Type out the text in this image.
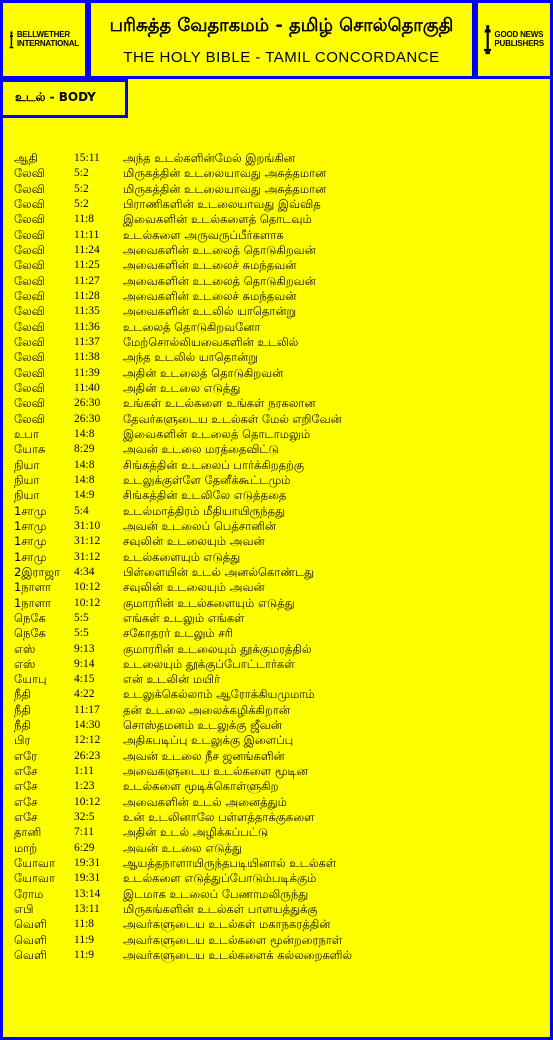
BELLWETHER
INTERNATIONAL
பரிசுத்த வேதாகமம் - தமிழ் சொல்தொகுதி
THE HOLY BIBLE - TAMIL CONCORDANCE
GOOD NEWS
PUBLISHERS
உடல் - BODY
ஆதி	15:11 அந்த உடல்களின்மேல் இறங்கின
லேவி	5:2	மிருகத்தின் உடலையாவது அசுத்தமான
லேவி	5:2	மிருகத்தின் உடலையாவது அசுத்தமான
லேவி	5:2	பிராணிகளின் உடலையாவது இவ்வித
லேவி	11:8	இவைகளின் உடல்களைத் தொடவும்
லேவி	11:11 உடல்களை அருவருப்பீர்களாக
லேவி	11:24 அவைகளின் உடலைத் தொடுகிறவன்
லேவி	11:25 அவைகளின் உடலைச் சுமந்தவன்
லேவி	11:27 அவைகளின் உடலைத் தொடுகிறவன்
லேவி	11:28 அவைகளின் உடலைச் சுமந்தவன்
லேவி	11:35 அவைகளின் உடலில் யாதொன்று
லேவி	11:36 உடலைத் தொடுகிறவனோ
லேவி	11:37 மேற்சொல்லியவைகளின் உடலில்
லேவி	11:38 அந்த உடலில் யாதொன்று
லேவி	11:39 அதின் உடலைத் தொடுகிறவன்
லேவி	11:40 அதின் உடலை எடுத்து
லேவி	26:30 உங்கள் உடல்களை உங்கள் நரகலான
லேவி	26:30 தேவர்களுடைய உடல்கள் மேல் எறிவேன்
உபா	14:8 இவைகளின் உடலைத் தொடாமலும்
யோசு 8:29 அவன் உடலை மரத்தைவிட்டு
நியா	14:8 சிங்கத்தின் உடலைப் பார்க்கிறதற்கு
நியா	14:8 உடலுக்குள்ளே தேனீக்கூட்டமும்
நியா	14:9 சிங்கத்தின் உடலிலே எடுத்ததை
1சாமு 5:4	உடல்மாத்திரம் மீதியாயிருந்தது
1சாமு 31:10 அவன் உடலைப் பெத்சானின்
1சாமு 31:12 சவுலின் உடலையும் அவன்
1சாமு 31:12 உடல்களையும் எடுத்து
2இராஜா 4:34 பிள்ளையின் உடல் அனல்கொண்டது
1நாளா 10:12 சவுலின் உடலையும் அவன்
1நாளா 10:12 குமாரரின் உடல்களையும் எடுத்து
நெகே 5:5	எங்கள் உடலும் எங்கள்
நெகே 5:5	சகோதரர் உடலும் சரி
எஸ்	9:13 குமாரரின் உடலையும் தூக்குமரத்தில்
எஸ்	9:14 உடலையும் தூக்குப்போட்டார்கள்
யோபு 4:15 என் உடலின் மயிர்
நீதி	4:22 உடலுக்கெல்லாம் ஆரோக்கியமுமாம்
நீதி	11:17 தன் உடலை அலைக்கழிக்கிறான்
நீதி	14:30 சொஸ்தமனம் உடலுக்கு ஜீவன்
பிர	12:12 அதிகபடிப்பு உடலுக்கு இளைப்பு
எரே	26:23 அவன் உடலை நீச ஜனங்களின்
எசே	1:11	அவைகளுடைய உடல்களை மூடின
எசே	1:23 உடல்களை மூடிக்கொள்ளுகிற
எசே	10:12 அவைகளின் உடல் அனைத்தும்
எசே	32:5 உன் உடலினாலே பள்ளத்தாக்குகளை
தானி	7:11	அதின் உடல் அழிக்கப்பட்டு
மாற்	6:29 அவன் உடலை எடுத்து
யோவா 19:31 ஆயத்தநாளாயிருந்தபடியினால் உடல்கள்
யோவா 19:31 உடல்களை எடுத்துப்போடும்படிக்கும்
ரோம	13:14 இடமாக உடலைப் பேணாமலிருந்து
எபி	13:11 மிருகங்களின் உடல்கள் பாளயத்துக்கு
வெளி 11:8	அவர்களுடைய உடல்கள் மகாநகரத்தின்
வெளி 11:9	அவர்களுடைய உடல்களை மூன்றரைநாள்
வெளி 11:9	அவர்களுடைய உடல்களைக் கல்லறைகளில்
